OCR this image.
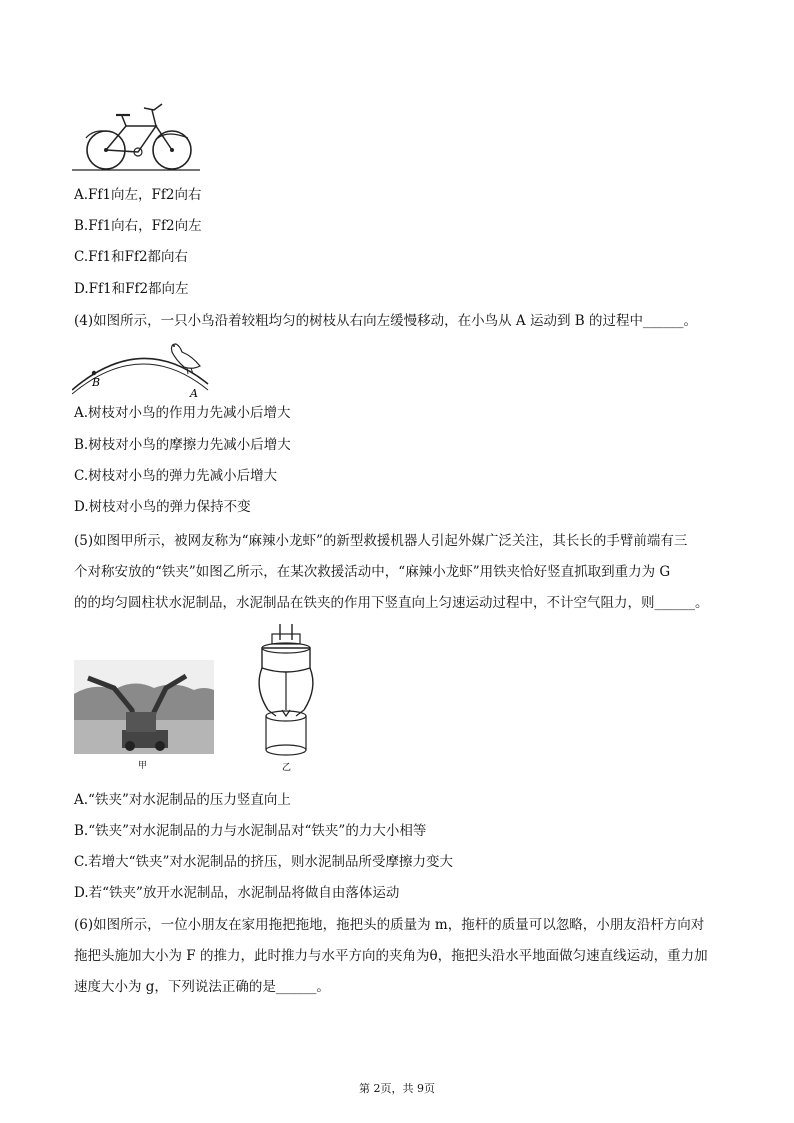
A.Ff1向左，Ff2向右
B.Ff1向右，Ff2向左
C.Ff1和Ff2都向右
D.Ff1和Ff2都向左
(4)如图所示，一只小鸟沿着较粗均匀的树枝从右向左缓慢移动，在小鸟从 A 运动到 B 的过程中______。
B
A
A.树枝对小鸟的作用力先减小后增大
B.树枝对小鸟的摩擦力先减小后增大
C.树枝对小鸟的弹力先减小后增大
D.树枝对小鸟的弹力保持不变
(5)如图甲所示，被网友称为“麻辣小龙虾”的新型救援机器人引起外媒广泛关注，其长长的手臂前端有三
个对称安放的“铁夹”如图乙所示，在某次救援活动中，“麻辣小龙虾”用铁夹恰好竖直抓取到重力为 G
的的均匀圆柱状水泥制品，水泥制品在铁夹的作用下竖直向上匀速运动过程中，不计空气阻力，则______。
甲	乙
A.“铁夹”对水泥制品的压力竖直向上
B.“铁夹”对水泥制品的力与水泥制品对“铁夹”的力大小相等
C.若增大“铁夹”对水泥制品的挤压，则水泥制品所受摩擦力变大
D.若“铁夹”放开水泥制品，水泥制品将做自由落体运动
(6)如图所示，一位小朋友在家用拖把拖地，拖把头的质量为 m，拖杆的质量可以忽略，小朋友沿杆方向对
拖把头施加大小为 F 的推力，此时推力与水平方向的夹角为θ，拖把头沿水平地面做匀速直线运动，重力加
速度大小为 g，下列说法正确的是______。
第 2页，共 9页
